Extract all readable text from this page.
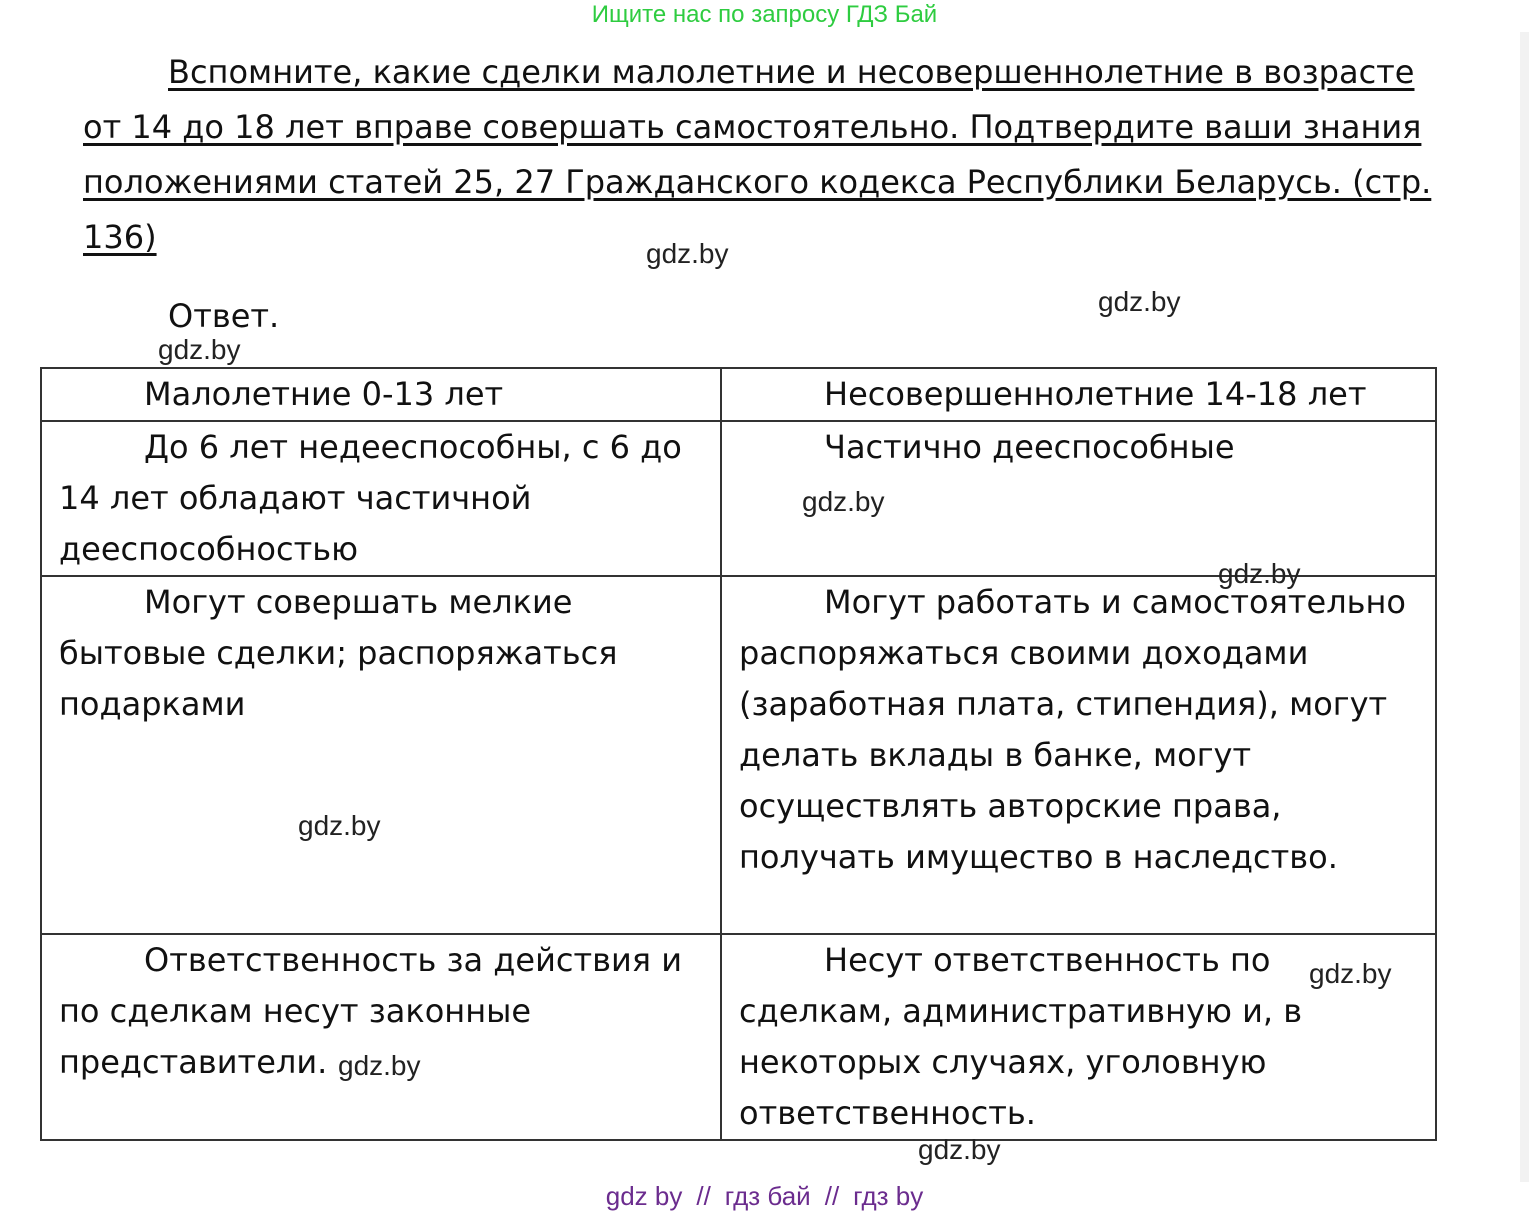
Ищите нас по запросу ГДЗ Бай
Вспомните, какие сделки малолетние и несовершеннолетние в возрасте
от 14 до 18 лет вправе совершать самостоятельно. Подтвердите ваши знания
положениями статей 25, 27 Гражданского кодекса Республики Беларусь. (стр.
136)
Ответ.
gdz.by
gdz.by
gdz.by
Малолетние 0-13 лет	Несовершеннолетние 14-18 лет
До 6 лет недееспособны, с 6 до 14 лет обладают частичной дееспособностью	Частично дееспособные
Могут совершать мелкие бытовые сделки; распоряжаться подарками	Могут работать и самостоятельно распоряжаться своими доходами (заработная плата, стипендия), могут делать вклады в банке, могут осуществлять авторские права, получать имущество в наследство.
Ответственность за действия и по сделкам несут законные представители.	Несут ответственность по сделкам, административную и, в некоторых случаях, уголовную ответственность.
gdz.by
gdz.by
gdz.by
gdz.by
gdz.by
gdz.by
gdz by // гдз бай // гдз by
